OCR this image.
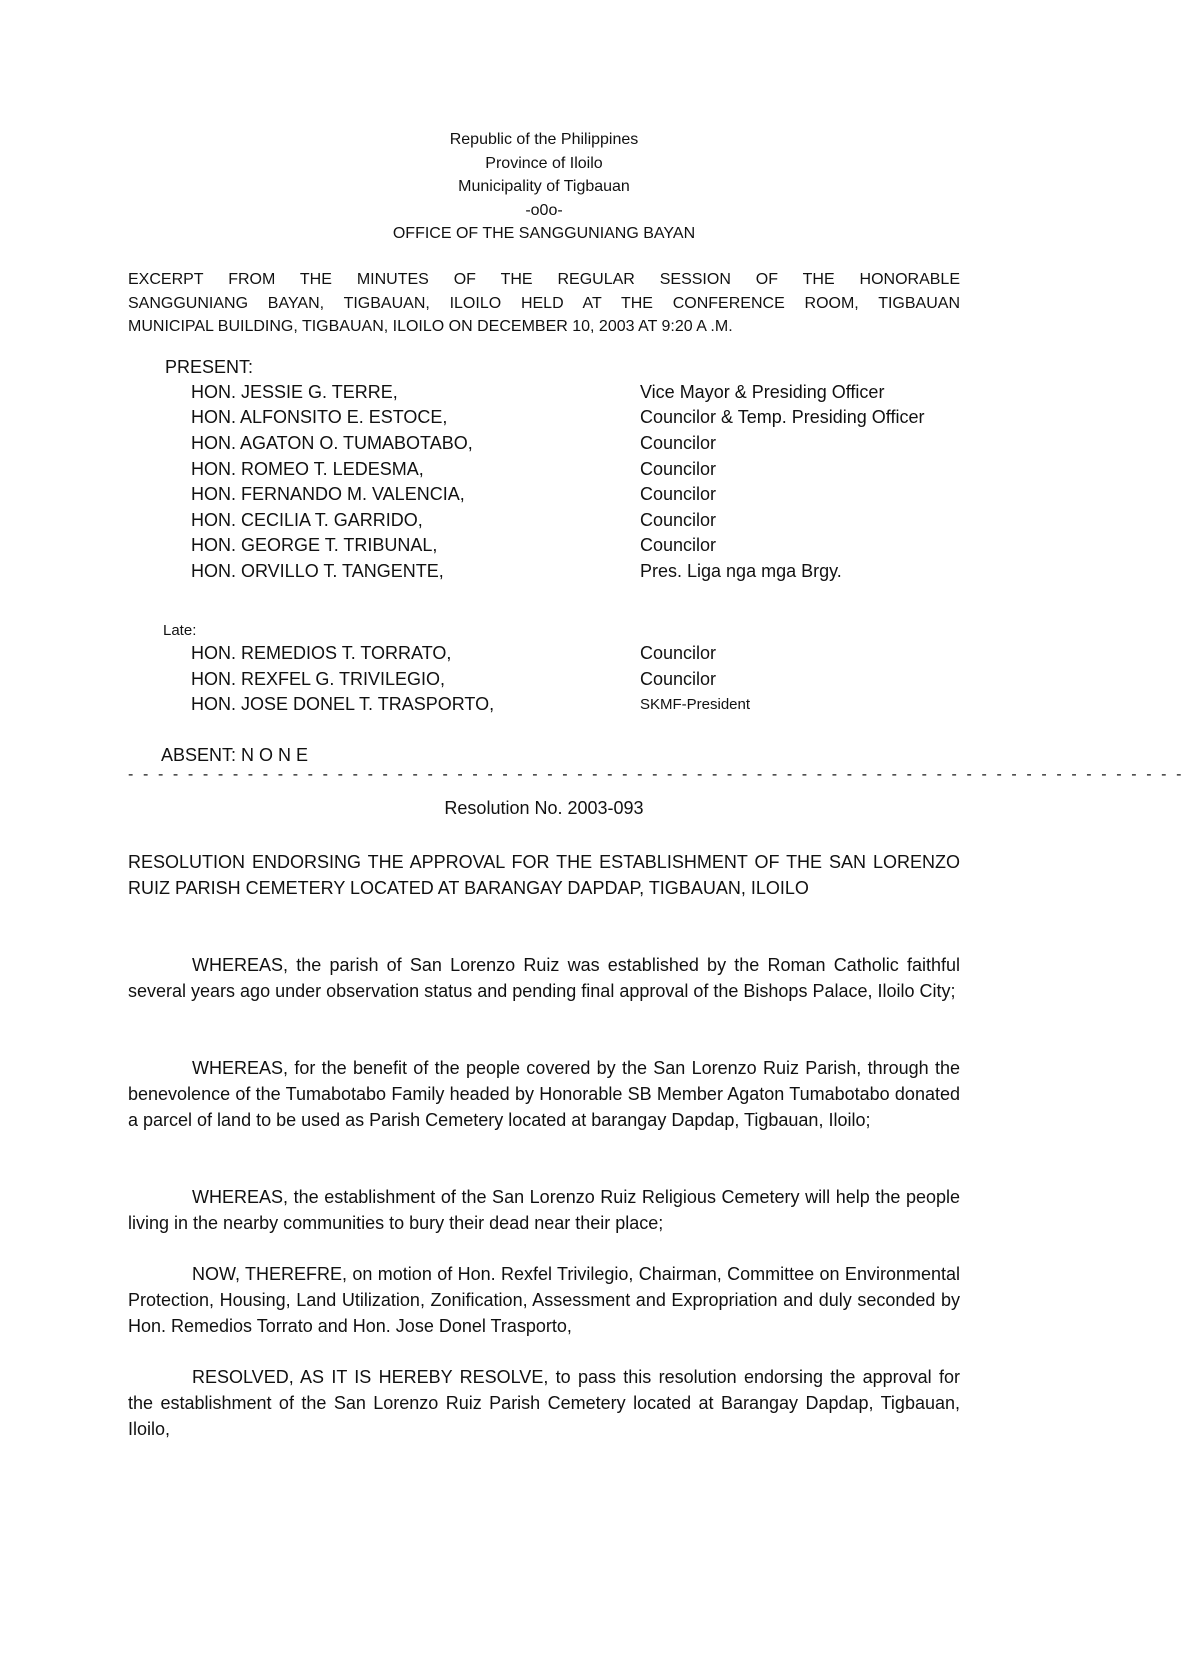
Republic of the Philippines
Province of Iloilo
Municipality of Tigbauan
-o0o-
OFFICE OF THE SANGGUNIANG BAYAN
EXCERPT FROM THE MINUTES OF THE REGULAR SESSION OF THE HONORABLE
SANGGUNIANG BAYAN, TIGBAUAN, ILOILO HELD AT THE CONFERENCE ROOM, TIGBAUAN
MUNICIPAL BUILDING, TIGBAUAN, ILOILO ON DECEMBER 10, 2003 AT 9:20 A .M.
PRESENT:
HON. JESSIE G. TERRE,	Vice Mayor & Presiding Officer
HON. ALFONSITO E. ESTOCE,	Councilor & Temp. Presiding Officer
HON. AGATON O. TUMABOTABO,	Councilor
HON. ROMEO T. LEDESMA,	Councilor
HON. FERNANDO M. VALENCIA,	Councilor
HON. CECILIA T. GARRIDO,	Councilor
HON. GEORGE T. TRIBUNAL,	Councilor
HON. ORVILLO T. TANGENTE,	Pres. Liga nga mga Brgy.
Late:
HON. REMEDIOS T. TORRATO,	Councilor
HON. REXFEL G. TRIVILEGIO,	Councilor
HON. JOSE DONEL T. TRASPORTO,	SKMF-President
ABSENT: N O N E
- - - - - - - - - - - - - - - - - - - - - - - - - - - - - - - - - - - - - - - - - - - - - - - - - - - - - - - - - - - - - - - - - - - - - - -
Resolution No. 2003-093
RESOLUTION ENDORSING THE APPROVAL FOR THE ESTABLISHMENT OF THE SAN LORENZO RUIZ PARISH CEMETERY LOCATED AT BARANGAY DAPDAP, TIGBAUAN, ILOILO
WHEREAS, the parish of San Lorenzo Ruiz was established by the Roman Catholic faithful several years ago under observation status and pending final approval of the Bishops Palace, Iloilo City;
WHEREAS, for the benefit of the people covered by the San Lorenzo Ruiz Parish, through the benevolence of the Tumabotabo Family headed by Honorable SB Member Agaton Tumabotabo donated a parcel of land to be used as Parish Cemetery located at barangay Dapdap, Tigbauan, Iloilo;
WHEREAS, the establishment of the San Lorenzo Ruiz Religious Cemetery will help the people living in the nearby communities to bury their dead near their place;
NOW, THEREFRE, on motion of Hon. Rexfel Trivilegio, Chairman, Committee on Environmental Protection, Housing, Land Utilization, Zonification, Assessment and Expropriation and duly seconded by Hon. Remedios Torrato and Hon. Jose Donel Trasporto,
RESOLVED, AS IT IS HEREBY RESOLVE, to pass this resolution endorsing the approval for the establishment of the San Lorenzo Ruiz Parish Cemetery located at Barangay Dapdap, Tigbauan, Iloilo,
